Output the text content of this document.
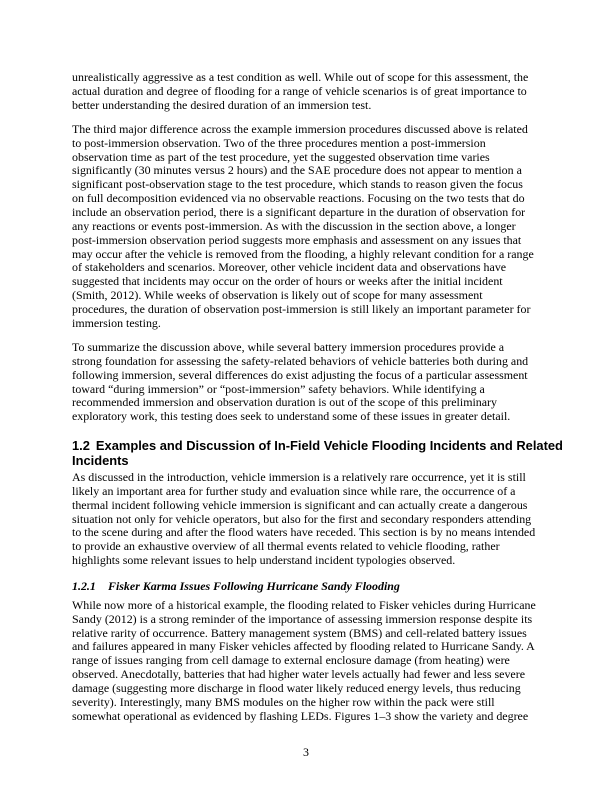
unrealistically aggressive as a test condition as well. While out of scope for this assessment, the
actual duration and degree of flooding for a range of vehicle scenarios is of great importance to
better understanding the desired duration of an immersion test.

The third major difference across the example immersion procedures discussed above is related
to post-immersion observation. Two of the three procedures mention a post-immersion
observation time as part of the test procedure, yet the suggested observation time varies
significantly (30 minutes versus 2 hours) and the SAE procedure does not appear to mention a
significant post-observation stage to the test procedure, which stands to reason given the focus
on full decomposition evidenced via no observable reactions. Focusing on the two tests that do
include an observation period, there is a significant departure in the duration of observation for
any reactions or events post-immersion. As with the discussion in the section above, a longer
post-immersion observation period suggests more emphasis and assessment on any issues that
may occur after the vehicle is removed from the flooding, a highly relevant condition for a range
of stakeholders and scenarios. Moreover, other vehicle incident data and observations have
suggested that incidents may occur on the order of hours or weeks after the initial incident
(Smith, 2012). While weeks of observation is likely out of scope for many assessment
procedures, the duration of observation post-immersion is still likely an important parameter for
immersion testing.

To summarize the discussion above, while several battery immersion procedures provide a
strong foundation for assessing the safety-related behaviors of vehicle batteries both during and
following immersion, several differences do exist adjusting the focus of a particular assessment
toward “during immersion” or “post-immersion” safety behaviors. While identifying a
recommended immersion and observation duration is out of the scope of this preliminary
exploratory work, this testing does seek to understand some of these issues in greater detail.

1.2 Examples and Discussion of In-Field Vehicle Flooding Incidents and Related
Incidents

As discussed in the introduction, vehicle immersion is a relatively rare occurrence, yet it is still
likely an important area for further study and evaluation since while rare, the occurrence of a
thermal incident following vehicle immersion is significant and can actually create a dangerous
situation not only for vehicle operators, but also for the first and secondary responders attending
to the scene during and after the flood waters have receded. This section is by no means intended
to provide an exhaustive overview of all thermal events related to vehicle flooding, rather
highlights some relevant issues to help understand incident typologies observed.

1.2.1 Fisker Karma Issues Following Hurricane Sandy Flooding

While now more of a historical example, the flooding related to Fisker vehicles during Hurricane
Sandy (2012) is a strong reminder of the importance of assessing immersion response despite its
relative rarity of occurrence. Battery management system (BMS) and cell-related battery issues
and failures appeared in many Fisker vehicles affected by flooding related to Hurricane Sandy. A
range of issues ranging from cell damage to external enclosure damage (from heating) were
observed. Anecdotally, batteries that had higher water levels actually had fewer and less severe
damage (suggesting more discharge in flood water likely reduced energy levels, thus reducing
severity). Interestingly, many BMS modules on the higher row within the pack were still
somewhat operational as evidenced by flashing LEDs. Figures 1–3 show the variety and degree

3
